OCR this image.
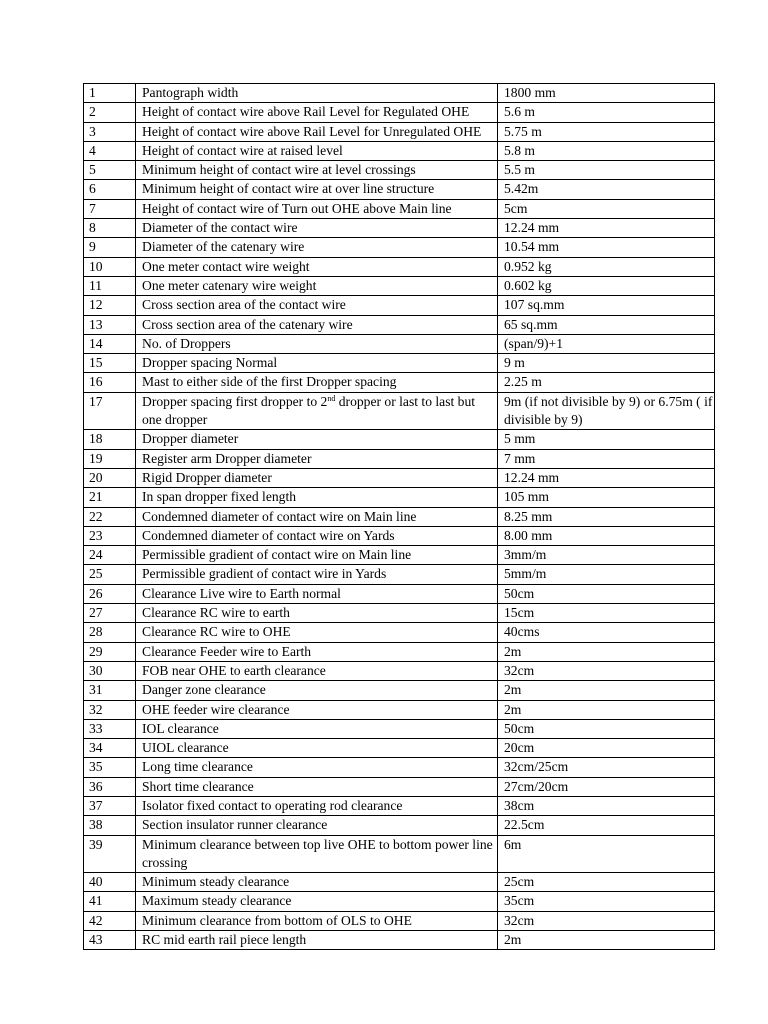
1	Pantograph width	1800 mm
2	Height of contact wire above Rail Level for Regulated OHE	5.6 m
3	Height of contact wire above Rail Level for Unregulated OHE	5.75 m
4	Height of contact wire at raised level	5.8 m
5	Minimum height of contact wire at level crossings	5.5 m
6	Minimum height of contact wire at over line structure	5.42m
7	Height of contact wire of Turn out OHE above Main line	5cm
8	Diameter of the contact wire	12.24 mm
9	Diameter of the catenary wire	10.54 mm
10	One meter contact wire weight	0.952 kg
11	One meter catenary wire weight	0.602 kg
12	Cross section area of the contact wire	107 sq.mm
13	Cross section area of the catenary wire	65 sq.mm
14	No. of Droppers	(span/9)+1
15	Dropper spacing Normal	9 m
16	Mast to either side of the first Dropper spacing	2.25 m
17	Dropper spacing first dropper to 2nd dropper or last to last but one dropper	9m (if not divisible by 9) or 6.75m ( if divisible by 9)
18	Dropper diameter	5 mm
19	Register arm Dropper diameter	7 mm
20	Rigid Dropper diameter	12.24 mm
21	In span dropper fixed length	105 mm
22	Condemned diameter of contact wire on Main line	8.25 mm
23	Condemned diameter of contact wire on Yards	8.00 mm
24	Permissible gradient of contact wire on Main line	3mm/m
25	Permissible gradient of contact wire in Yards	5mm/m
26	Clearance Live wire to Earth normal	50cm
27	Clearance RC wire to earth	15cm
28	Clearance RC wire to OHE	40cms
29	Clearance Feeder wire to Earth	2m
30	FOB near OHE to earth clearance	32cm
31	Danger zone clearance	2m
32	OHE feeder wire clearance	2m
33	IOL clearance	50cm
34	UIOL clearance	20cm
35	Long time clearance	32cm/25cm
36	Short time clearance	27cm/20cm
37	Isolator fixed contact to operating rod clearance	38cm
38	Section insulator runner clearance	22.5cm
39	Minimum clearance between top live OHE to bottom power line crossing	6m
40	Minimum steady clearance	25cm
41	Maximum steady clearance	35cm
42	Minimum clearance from bottom of OLS to OHE	32cm
43	RC mid earth rail piece length	2m
